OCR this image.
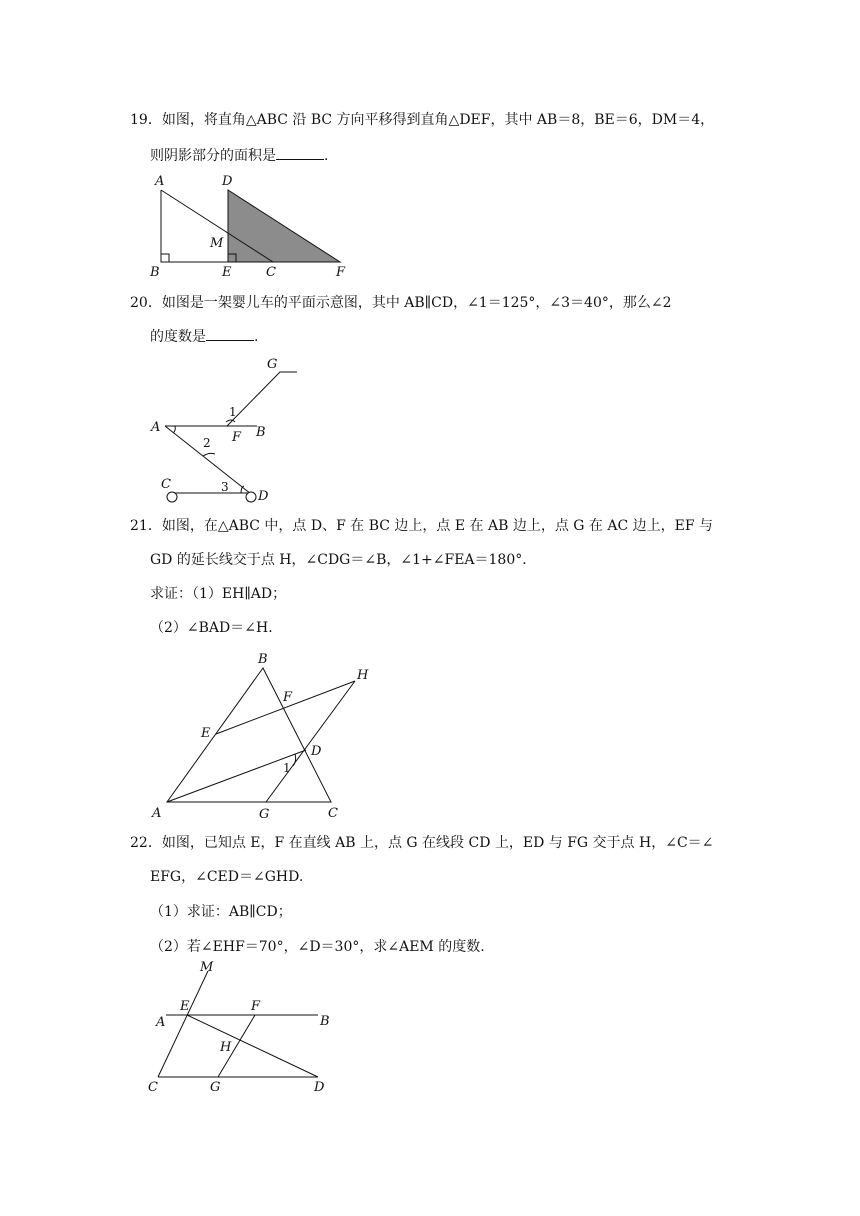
19．如图，将直角△ABC 沿 BC 方向平移得到直角△DEF，其中 AB＝8，BE＝6，DM＝4，
则阴影部分的面积是	.
A	D
M
B	E	C	F
20．如图是一架婴儿车的平面示意图，其中 AB∥CD，∠1＝125°，∠3＝40°，那么∠2
的度数是	.
G
A
1
F B
2
C	3
D
21．如图，在△ABC 中，点 D、F 在 BC 边上，点 E 在 AB 边上，点 G 在 AC 边上，EF 与
GD 的延长线交于点 H，∠CDG＝∠B，∠1+∠FEA＝180°．
求证：（1）EH∥AD；
（2）∠BAD＝∠H.
B
H
F
E
D
1
A	G	C
22．如图，已知点 E，F 在直线 AB 上，点 G 在线段 CD 上，ED 与 FG 交于点 H，∠C＝∠
EFG，∠CED＝∠GHD.
（1）求证：AB∥CD；
（2）若∠EHF＝70°，∠D＝30°，求∠AEM 的度数.
M
E	F
A	B
H
C	G	D
